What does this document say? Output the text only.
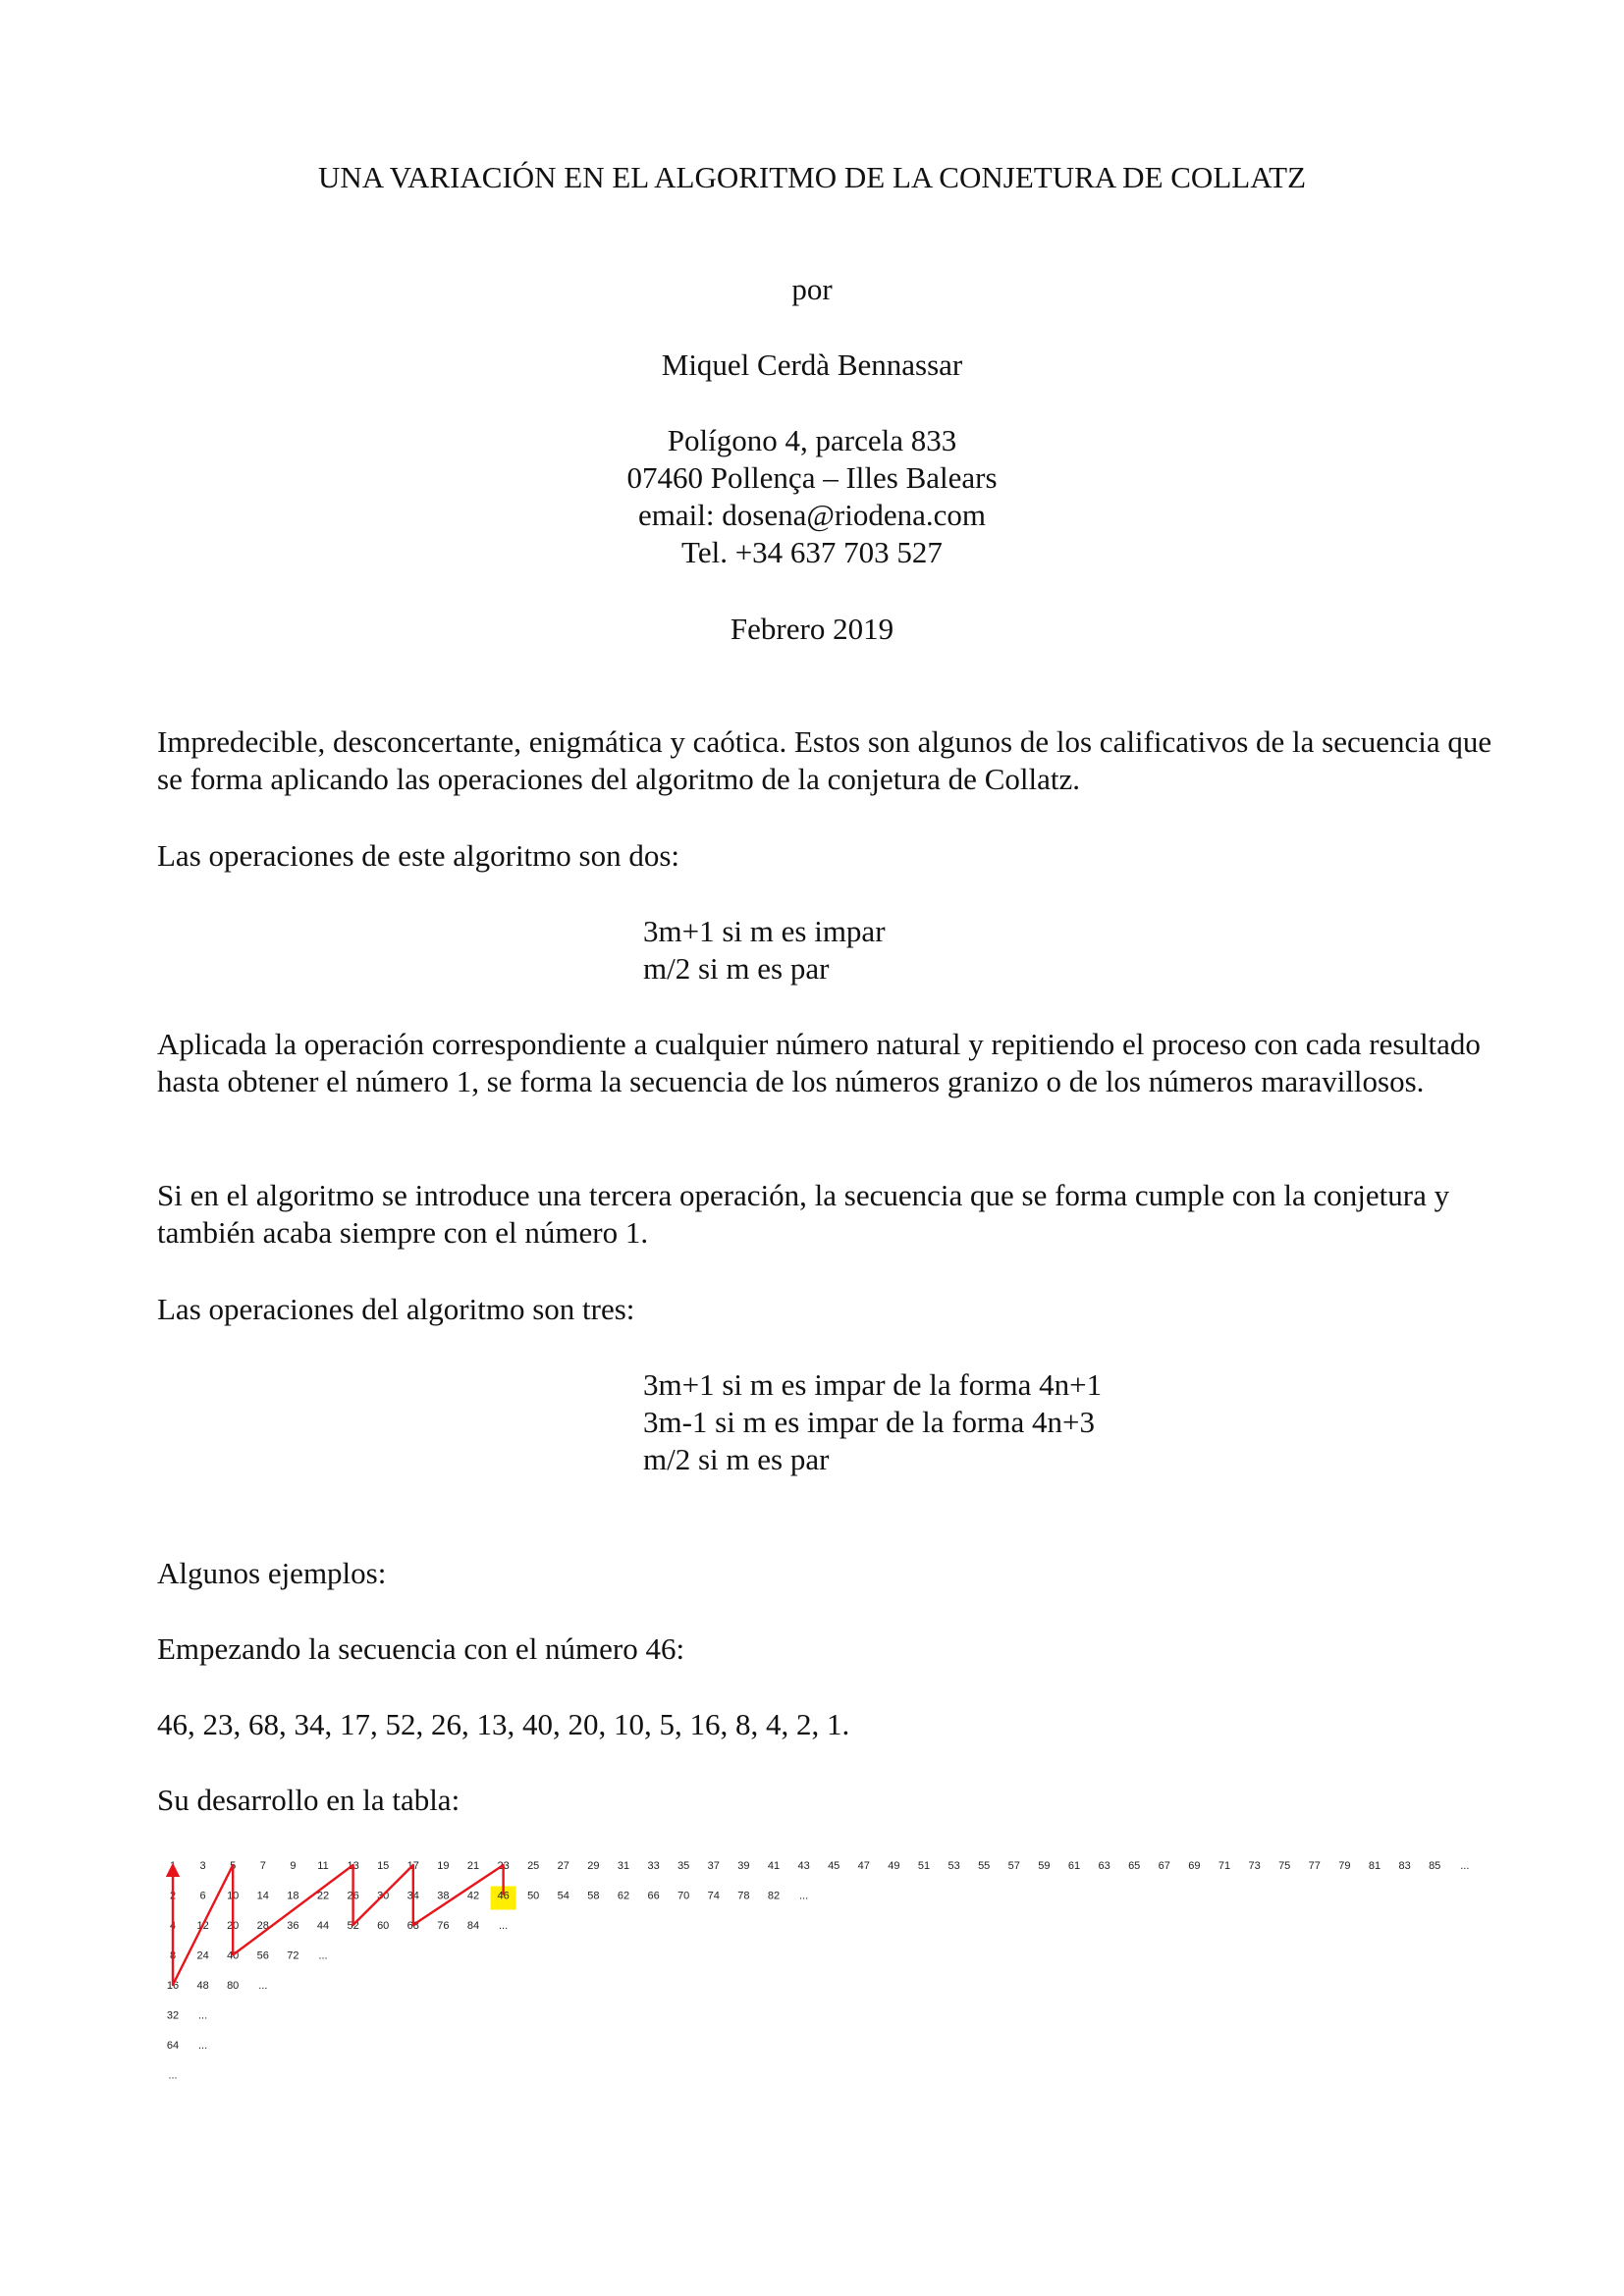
UNA VARIACIÓN EN EL ALGORITMO DE LA CONJETURA DE COLLATZ
por
Miquel Cerdà Bennassar
Polígono 4, parcela 833
07460 Pollença – Illes Balears
email: dosena@riodena.com
Tel. +34 637 703 527
Febrero 2019

Impredecible, desconcertante, enigmática y caótica. Estos son algunos de los calificativos de la secuencia que se forma aplicando las operaciones del algoritmo de la conjetura de Collatz.

Las operaciones de este algoritmo son dos:

3m+1 si m es impar
m/2 si m es par

Aplicada la operación correspondiente a cualquier número natural y repitiendo el proceso con cada resultado hasta obtener el número 1, se forma la secuencia de los números granizo o de los números maravillosos.

Si en el algoritmo se introduce una tercera operación, la secuencia que se forma cumple con la conjetura y también acaba siempre con el número 1.

Las operaciones del algoritmo son tres:

3m+1 si m es impar de la forma 4n+1
3m-1 si m es impar de la forma 4n+3
m/2 si m es par

Algunos ejemplos:

Empezando la secuencia con el número 46:

46, 23, 68, 34, 17, 52, 26, 13, 40, 20, 10, 5, 16, 8, 4, 2, 1.

Su desarrollo en la tabla:

1 3 5 7 9 11 13 15 17 19 21 23 25 27 29 31 33 35 37 39 41 43 45 47 49 51 53 55 57 59 61 63 65 67 69 71 73 75 77 79 81 83 85 ...
2 6 10 14 18 22 26 30 34 38 42 46 50 54 58 62 66 70 74 78 82 ...
4 12 20 28 36 44 52 60 68 76 84 ...
8 24 40 56 72 ...
16 48 80 ...
32 ...
64 ...
...
